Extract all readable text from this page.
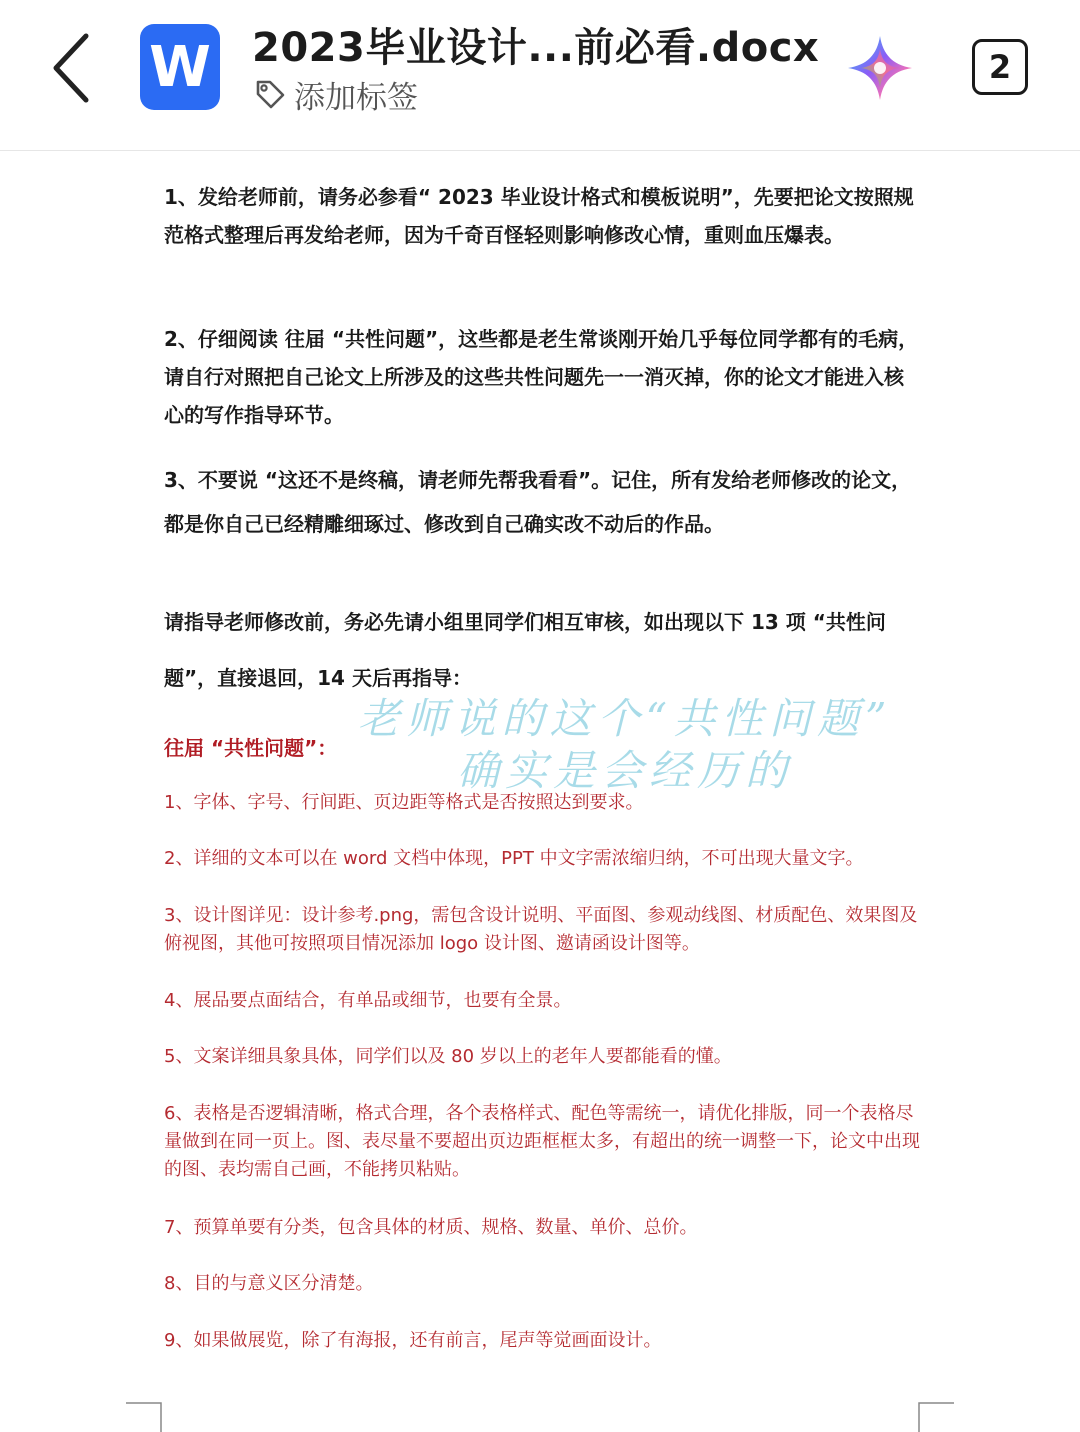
W 2023毕业设计...前必看.docx
添加标签
2

1、发给老师前，请务必参看“ 2023 毕业设计格式和模板说明”，先要把论文按照规范格式整理后再发给老师，因为千奇百怪轻则影响修改心情，重则血压爆表。

2、仔细阅读 往届 “共性问题”，这些都是老生常谈刚开始几乎每位同学都有的毛病，请自行对照把自己论文上所涉及的这些共性问题先一一消灭掉，你的论文才能进入核心的写作指导环节。

3、不要说 “这还不是终稿，请老师先帮我看看”。记住，所有发给老师修改的论文，都是你自己已经精雕细琢过、修改到自己确实改不动后的作品。

请指导老师修改前，务必先请小组里同学们相互审核，如出现以下 13 项 “共性问题”，直接退回，14 天后再指导：

往届 “共性问题”：

1、字体、字号、行间距、页边距等格式是否按照达到要求。

2、详细的文本可以在 word 文档中体现，PPT 中文字需浓缩归纳，不可出现大量文字。

3、设计图详见：设计参考.png，需包含设计说明、平面图、参观动线图、材质配色、效果图及俯视图，其他可按照项目情况添加 logo 设计图、邀请函设计图等。

4、展品要点面结合，有单品或细节，也要有全景。

5、文案详细具象具体，同学们以及 80 岁以上的老年人要都能看的懂。

6、表格是否逻辑清晰，格式合理，各个表格样式、配色等需统一，请优化排版，同一个表格尽量做到在同一页上。图、表尽量不要超出页边距框框太多，有超出的统一调整一下，论文中出现的图、表均需自己画，不能拷贝粘贴。

7、预算单要有分类，包含具体的材质、规格、数量、单价、总价。

8、目的与意义区分清楚。

9、如果做展览，除了有海报，还有前言，尾声等觉画面设计。

老师说的这个“共性问题”
确实是会经历的
